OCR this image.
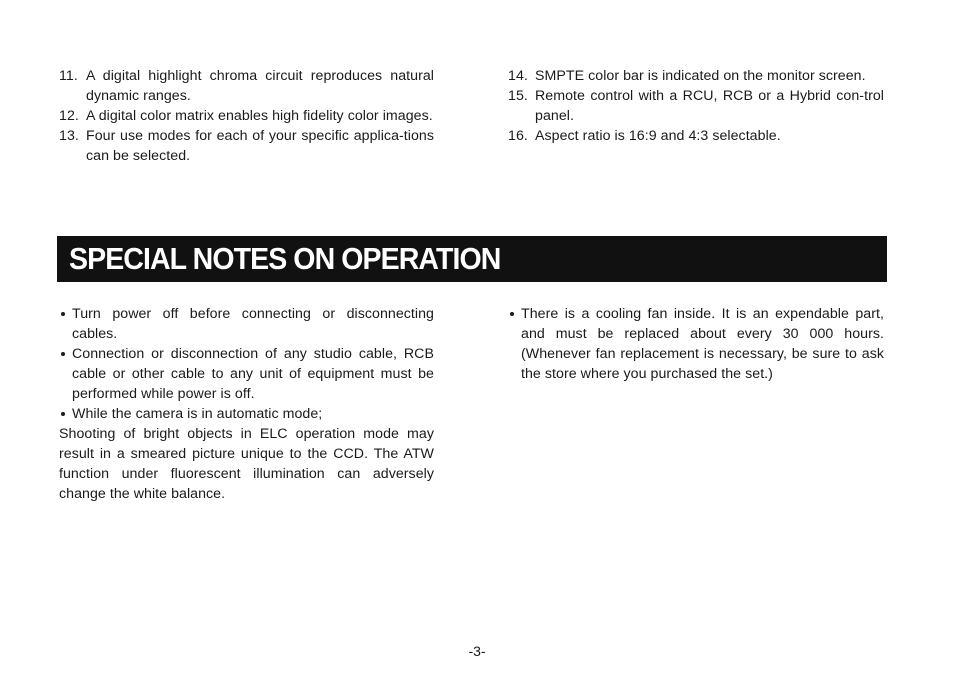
11. A digital highlight chroma circuit reproduces natural dynamic ranges.
12. A digital color matrix enables high fidelity color images.
13. Four use modes for each of your specific applica-tions can be selected.
14. SMPTE color bar is indicated on the monitor screen.
15. Remote control with a RCU, RCB or a Hybrid con-trol panel.
16. Aspect ratio is 16:9 and 4:3 selectable.
SPECIAL NOTES ON OPERATION
Turn power off before connecting or disconnecting cables.
Connection or disconnection of any studio cable, RCB cable or other cable to any unit of equipment must be performed while power is off.
While the camera is in automatic mode;
Shooting of bright objects in ELC operation mode may result in a smeared picture unique to the CCD. The ATW function under fluorescent illumination can adversely change the white balance.
There is a cooling fan inside. It is an expendable part, and must be replaced about every 30 000 hours. (Whenever fan replacement is necessary, be sure to ask the store where you purchased the set.)
-3-
